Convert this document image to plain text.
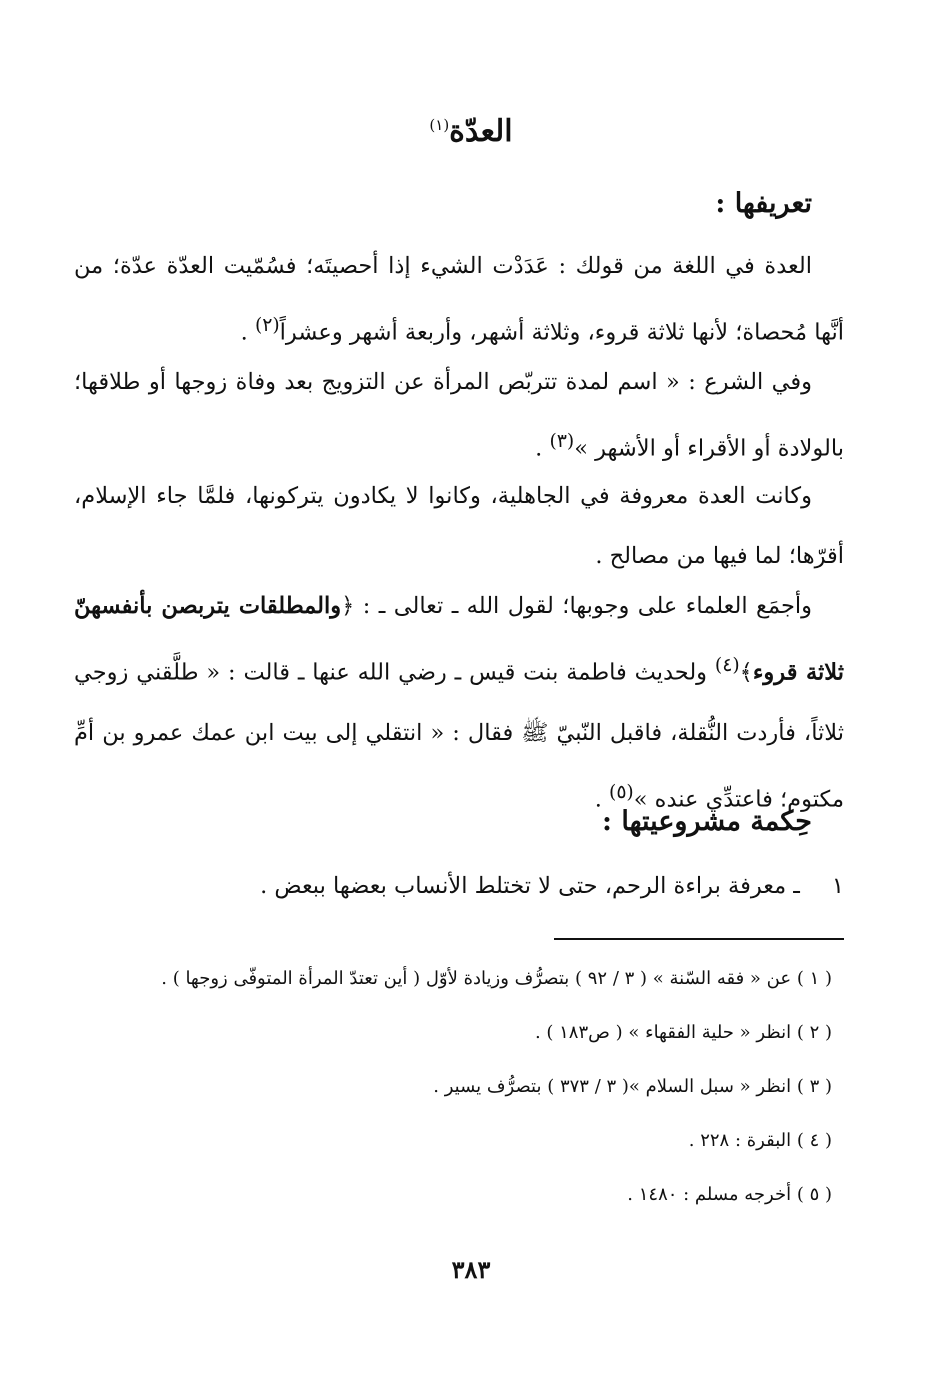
العدّة$^{(١)}$
تعريفها :

العدة في اللغة من قولك : عَدَدْت الشيء إذا أحصيتَه؛ فسُمّيت العدّة عدّة؛ من أنَّها مُحصاة؛ لأنها ثلاثة قروء، وثلاثة أشهر، وأربعة أشهر وعشراً$^{(٢)}$ .

وفي الشرع : « اسم لمدة تتربّص المرأة عن التزويج بعد وفاة زوجها أو طلاقها؛ بالولادة أو الأقراء أو الأشهر »$^{(٣)}$ .

وكانت العدة معروفة في الجاهلية، وكانوا لا يكادون يتركونها، فلمَّا جاء الإسلام، أقرّها؛ لما فيها من مصالح .

وأجمَع العلماء على وجوبها؛ لقول الله ـ تعالى ـ : ﴿والمطلقات يتربصن بأنفسهنّ ثلاثة قروء﴾$^{(٤)}$ ولحديث فاطمة بنت قيس ـ رضي الله عنها ـ قالت : « طلَّقني زوجي ثلاثاً، فأردت النُّقلة، فاقبل النّبيّ ﷺ فقال : « انتقلي إلى بيت ابن عمك عمرو بن أمِّ مكتوم؛ فاعتدِّي عنده »$^{(٥)}$ .

حِكمة مشروعيتها :

١ـ معرفة براءة الرحم، حتى لا تختلط الأنساب بعضها ببعض .

( ١ ) عن « فقه السّنة » ( ٣ / ٩٢ ) بتصرُّف وزيادة لأوّل ( أين تعتدّ المرأة المتوفّى زوجها ) .
( ٢ ) انظر « حلية الفقهاء » ( ص١٨٣ ) .
( ٣ ) انظر « سبل السلام »( ٣ / ٣٧٣ ) بتصرُّف يسير .
( ٤ ) البقرة : ٢٢٨ .
( ٥ ) أخرجه مسلم : ١٤٨٠ .
٣٨٣
